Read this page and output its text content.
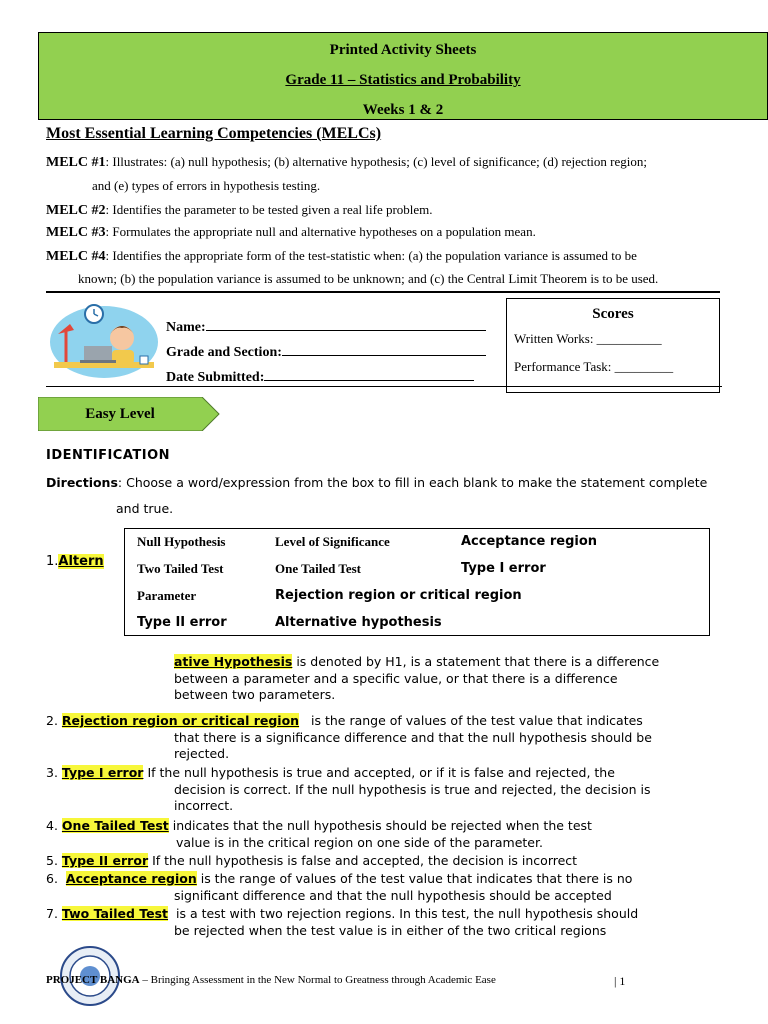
Printed Activity Sheets
Grade 11 – Statistics and Probability
Weeks 1 & 2
Most Essential Learning Competencies (MELCs)
MELC #1: Illustrates: (a) null hypothesis; (b) alternative hypothesis; (c) level of significance; (d) rejection region;
and (e) types of errors in hypothesis testing.
MELC #2: Identifies the parameter to be tested given a real life problem.
MELC #3: Formulates the appropriate null and alternative hypotheses on a population mean.
MELC #4: Identifies the appropriate form of the test-statistic when: (a) the population variance is assumed to be
known; (b) the population variance is assumed to be unknown; and (c) the Central Limit Theorem is to be used.
Name:
Grade and Section:
Date Submitted:
Scores
Written Works: __________
Performance Task: _________
Easy Level
IDENTIFICATION
Directions: Choose a word/expression from the box to fill in each blank to make the statement complete
and true.
1.Altern
Null Hypothesis	Level of Significance	Acceptance region
Two Tailed Test	One Tailed Test	Type I error
Parameter	Rejection region or critical region
Type II error	Alternative hypothesis
ative Hypothesis is denoted by H1, is a statement that there is a difference
between a parameter and a specific value, or that there is a difference
between two parameters.
2. Rejection region or critical region is the range of values of the test value that indicates
that there is a significance difference and that the null hypothesis should be
rejected.
3. Type I error If the null hypothesis is true and accepted, or if it is false and rejected, the
decision is correct. If the null hypothesis is true and rejected, the decision is
incorrect.
4. One Tailed Test indicates that the null hypothesis should be rejected when the test
value is in the critical region on one side of the parameter.
5. Type II error If the null hypothesis is false and accepted, the decision is incorrect
6. Acceptance region is the range of values of the test value that indicates that there is no
significant difference and that the null hypothesis should be accepted
7. Two Tailed Test is a test with two rejection regions. In this test, the null hypothesis should
be rejected when the test value is in either of the two critical regions
PROJECT BANGA – Bringing Assessment in the New Normal to Greatness through Academic Ease	| 1
